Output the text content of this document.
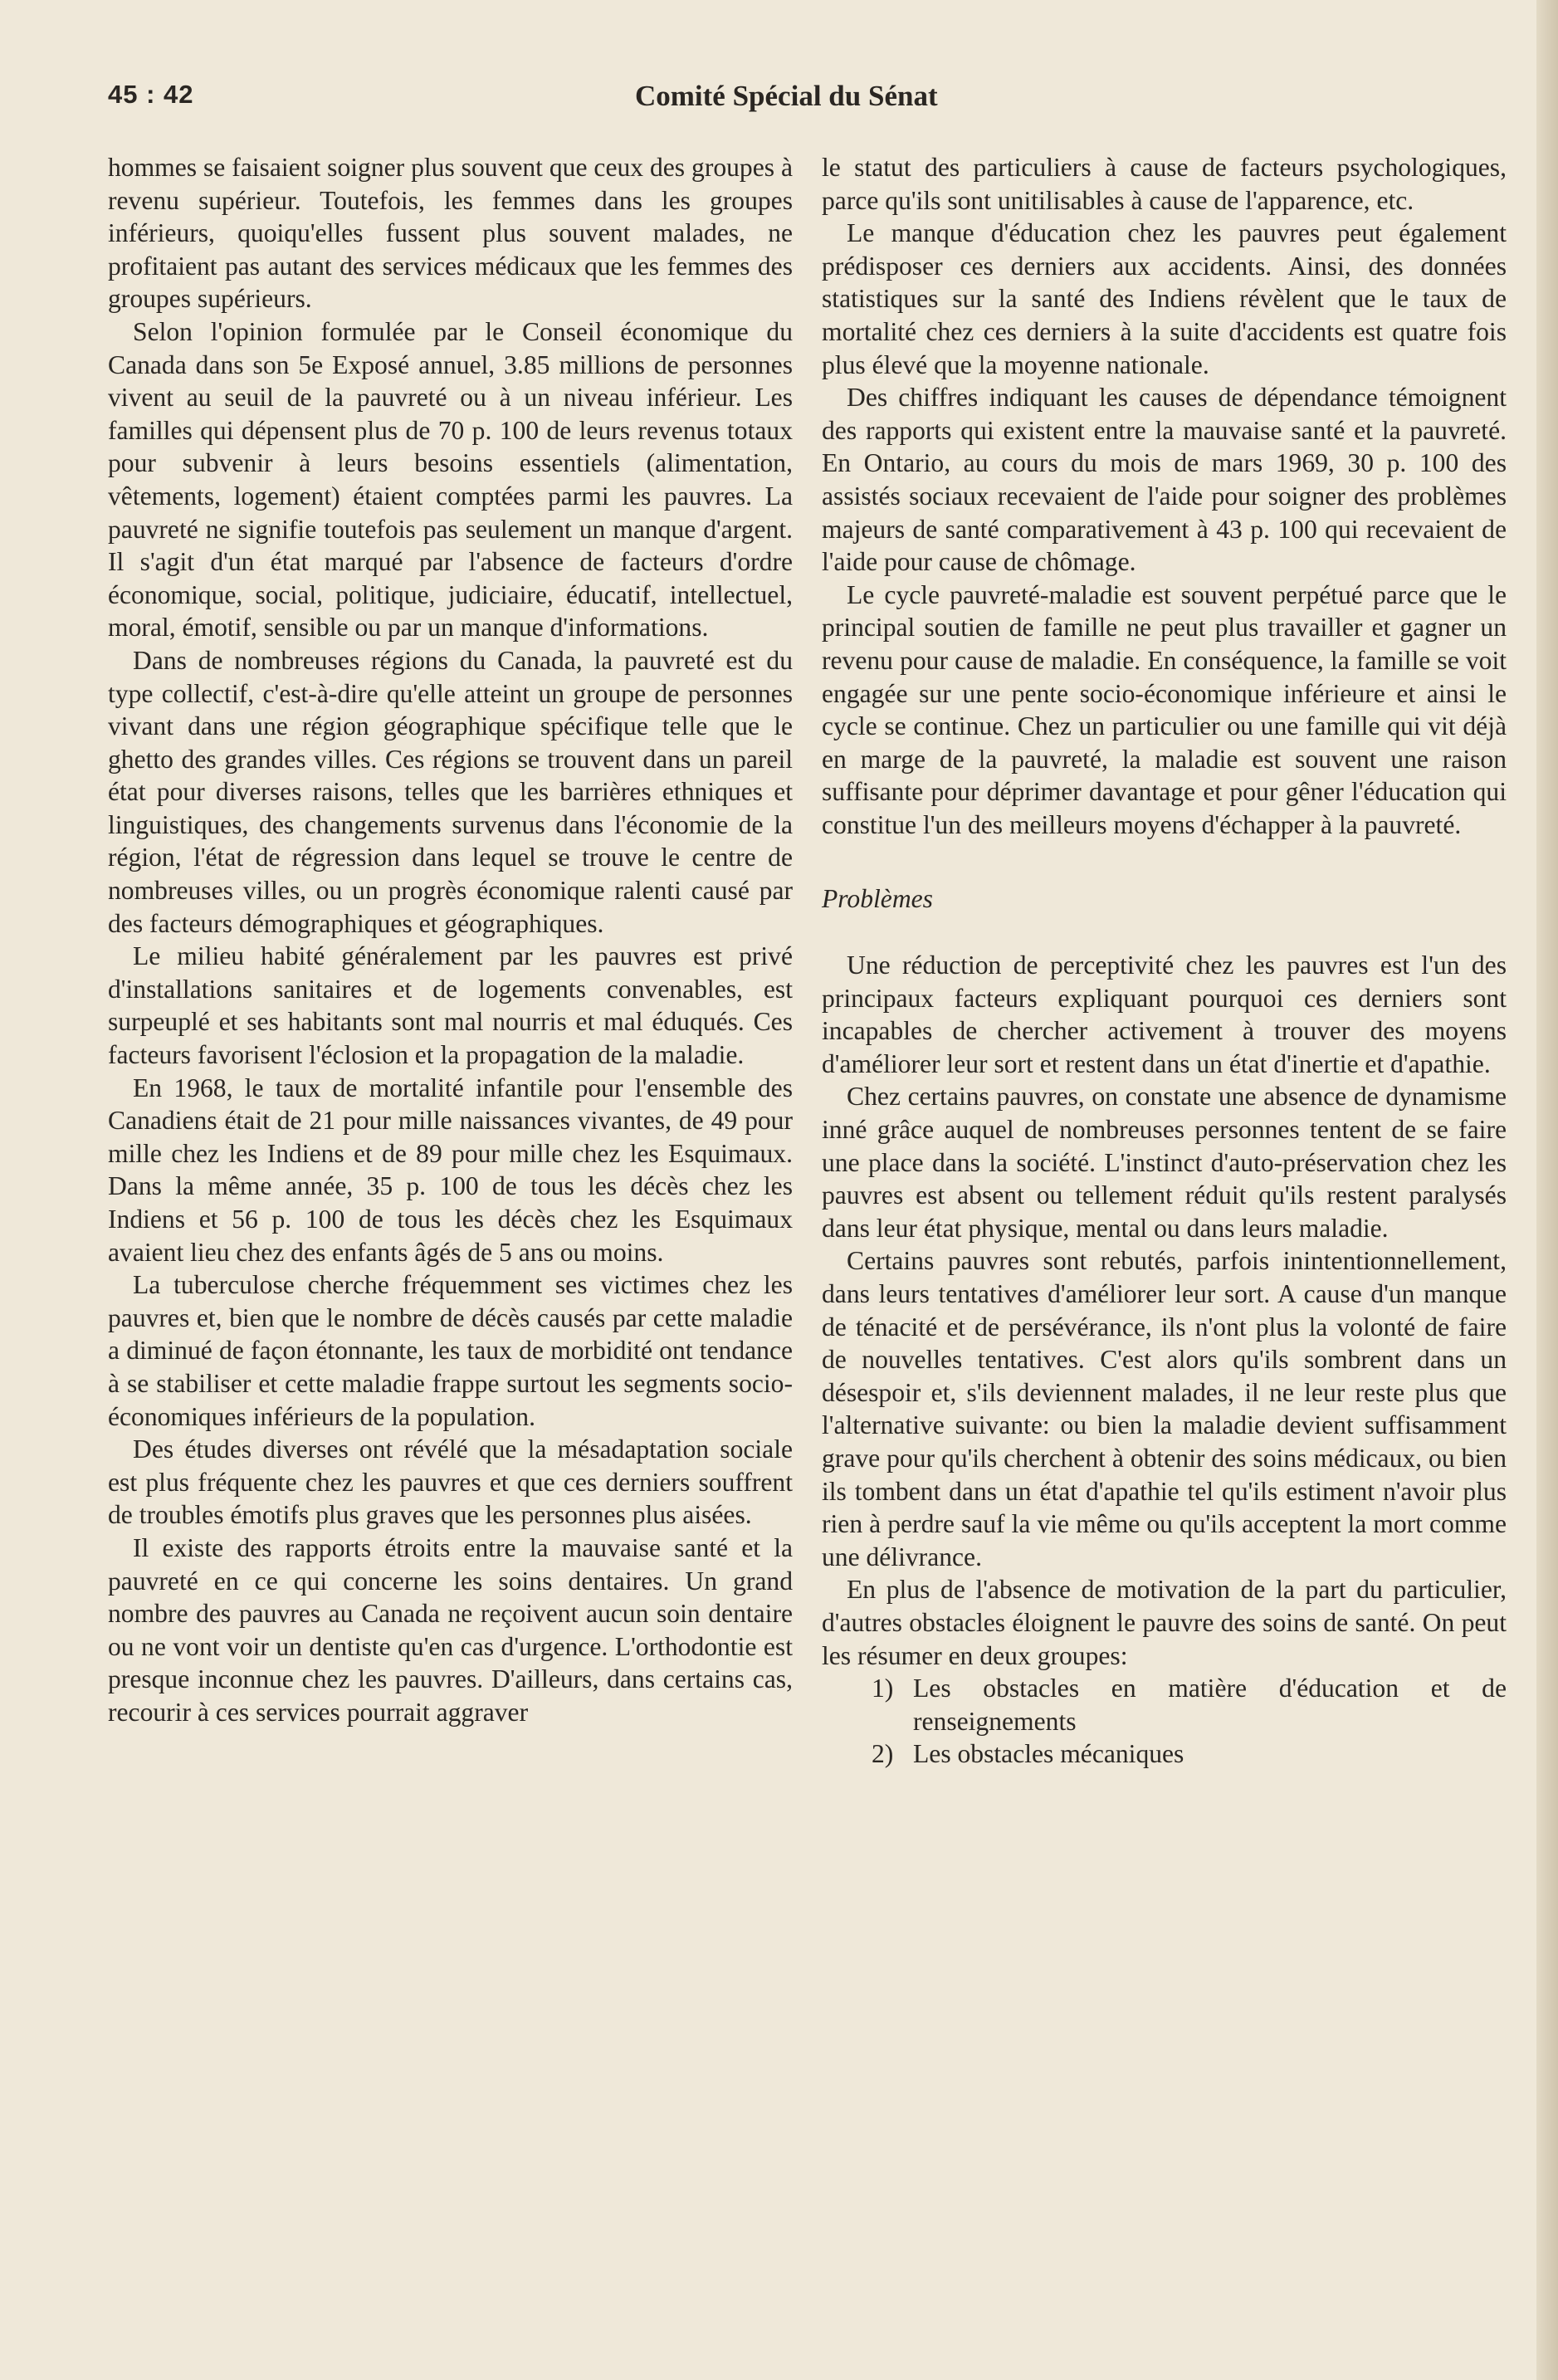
45 : 42	Comité Spécial du Sénat

hommes se faisaient soigner plus souvent que ceux des groupes à revenu supérieur. Toutefois, les femmes dans les groupes inférieurs, quoiqu'elles fussent plus souvent malades, ne profitaient pas autant des services médicaux que les femmes des groupes supérieurs.

Selon l'opinion formulée par le Conseil économique du Canada dans son 5e Exposé annuel, 3.85 millions de personnes vivent au seuil de la pauvreté ou à un niveau inférieur. Les familles qui dépensent plus de 70 p. 100 de leurs revenus totaux pour subvenir à leurs besoins essentiels (alimentation, vêtements, logement) étaient comptées parmi les pauvres. La pauvreté ne signifie toutefois pas seulement un manque d'argent. Il s'agit d'un état marqué par l'absence de facteurs d'ordre économique, social, politique, judiciaire, éducatif, intellectuel, moral, émotif, sensible ou par un manque d'informations.

Dans de nombreuses régions du Canada, la pauvreté est du type collectif, c'est-à-dire qu'elle atteint un groupe de personnes vivant dans une région géographique spécifique telle que le ghetto des grandes villes. Ces régions se trouvent dans un pareil état pour diverses raisons, telles que les barrières ethniques et linguistiques, des changements survenus dans l'économie de la région, l'état de régression dans lequel se trouve le centre de nombreuses villes, ou un progrès économique ralenti causé par des facteurs démographiques et géographiques.

Le milieu habité généralement par les pauvres est privé d'installations sanitaires et de logements convenables, est surpeuplé et ses habitants sont mal nourris et mal éduqués. Ces facteurs favorisent l'éclosion et la propagation de la maladie.

En 1968, le taux de mortalité infantile pour l'ensemble des Canadiens était de 21 pour mille naissances vivantes, de 49 pour mille chez les Indiens et de 89 pour mille chez les Esquimaux. Dans la même année, 35 p. 100 de tous les décès chez les Indiens et 56 p. 100 de tous les décès chez les Esquimaux avaient lieu chez des enfants âgés de 5 ans ou moins.

La tuberculose cherche fréquemment ses victimes chez les pauvres et, bien que le nombre de décès causés par cette maladie a diminué de façon étonnante, les taux de morbidité ont tendance à se stabiliser et cette maladie frappe surtout les segments socio-économiques inférieurs de la population.

Des études diverses ont révélé que la mésadaptation sociale est plus fréquente chez les pauvres et que ces derniers souffrent de troubles émotifs plus graves que les personnes plus aisées.

Il existe des rapports étroits entre la mauvaise santé et la pauvreté en ce qui concerne les soins dentaires. Un grand nombre des pauvres au Canada ne reçoivent aucun soin dentaire ou ne vont voir un dentiste qu'en cas d'urgence. L'orthodontie est presque inconnue chez les pauvres. D'ailleurs, dans certains cas, recourir à ces services pourrait aggraver

le statut des particuliers à cause de facteurs psychologiques, parce qu'ils sont unitilisables à cause de l'apparence, etc.

Le manque d'éducation chez les pauvres peut également prédisposer ces derniers aux accidents. Ainsi, des données statistiques sur la santé des Indiens révèlent que le taux de mortalité chez ces derniers à la suite d'accidents est quatre fois plus élevé que la moyenne nationale.

Des chiffres indiquant les causes de dépendance témoignent des rapports qui existent entre la mauvaise santé et la pauvreté. En Ontario, au cours du mois de mars 1969, 30 p. 100 des assistés sociaux recevaient de l'aide pour soigner des problèmes majeurs de santé comparativement à 43 p. 100 qui recevaient de l'aide pour cause de chômage.

Le cycle pauvreté-maladie est souvent perpétué parce que le principal soutien de famille ne peut plus travailler et gagner un revenu pour cause de maladie. En conséquence, la famille se voit engagée sur une pente socio-économique inférieure et ainsi le cycle se continue. Chez un particulier ou une famille qui vit déjà en marge de la pauvreté, la maladie est souvent une raison suffisante pour déprimer davantage et pour gêner l'éducation qui constitue l'un des meilleurs moyens d'échapper à la pauvreté.

Problèmes

Une réduction de perceptivité chez les pauvres est l'un des principaux facteurs expliquant pourquoi ces derniers sont incapables de chercher activement à trouver des moyens d'améliorer leur sort et restent dans un état d'inertie et d'apathie.

Chez certains pauvres, on constate une absence de dynamisme inné grâce auquel de nombreuses personnes tentent de se faire une place dans la société. L'instinct d'auto-préservation chez les pauvres est absent ou tellement réduit qu'ils restent paralysés dans leur état physique, mental ou dans leurs maladie.

Certains pauvres sont rebutés, parfois inintentionnellement, dans leurs tentatives d'améliorer leur sort. A cause d'un manque de ténacité et de persévérance, ils n'ont plus la volonté de faire de nouvelles tentatives. C'est alors qu'ils sombrent dans un désespoir et, s'ils deviennent malades, il ne leur reste plus que l'alternative suivante: ou bien la maladie devient suffisamment grave pour qu'ils cherchent à obtenir des soins médicaux, ou bien ils tombent dans un état d'apathie tel qu'ils estiment n'avoir plus rien à perdre sauf la vie même ou qu'ils acceptent la mort comme une délivrance.

En plus de l'absence de motivation de la part du particulier, d'autres obstacles éloignent le pauvre des soins de santé. On peut les résumer en deux groupes:

1) Les obstacles en matière d'éducation et de renseignements
2) Les obstacles mécaniques
